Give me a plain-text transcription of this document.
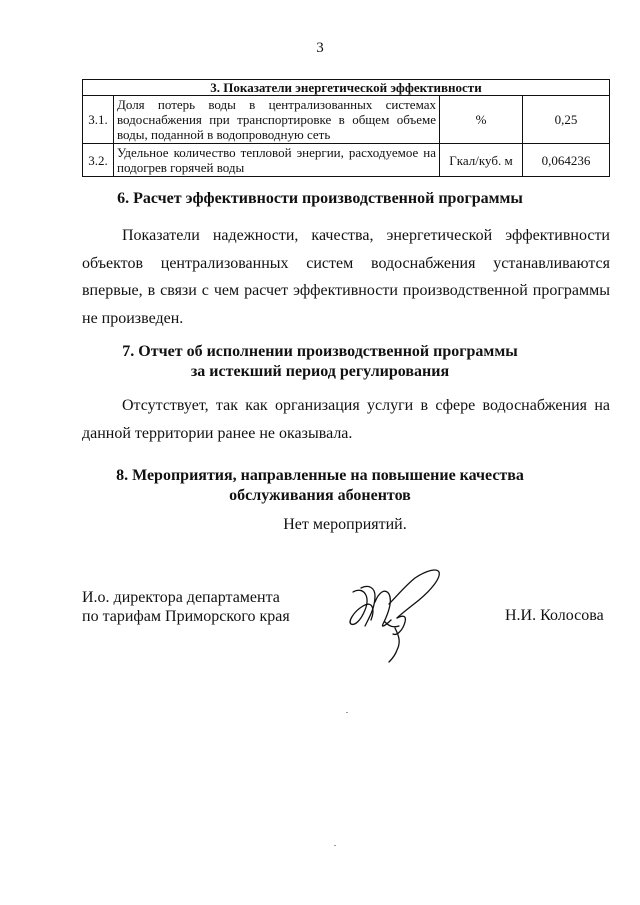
3
3. Показатели энергетической эффективности			
3.1.	Доля потерь воды в централизованных системах водоснабжения при транспортировке в общем объеме воды, поданной в водопроводную сеть	%	0,25
3.2.	Удельное количество тепловой энергии, расходуемое на подогрев горячей воды	Гкал/куб. м	0,064236
6. Расчет эффективности производственной программы
Показатели надежности, качества, энергетической эффективности объектов централизованных систем водоснабжения устанавливаются впервые, в связи с чем расчет эффективности производственной программы не произведен.
7. Отчет об исполнении производственной программы
за истекший период регулирования
Отсутствует, так как организация услуги в сфере водоснабжения на данной территории ранее не оказывала.
8. Мероприятия, направленные на повышение качества
обслуживания абонентов
Нет мероприятий.
И.о. директора департамента
по тарифам Приморского края	Н.И. Колосова
